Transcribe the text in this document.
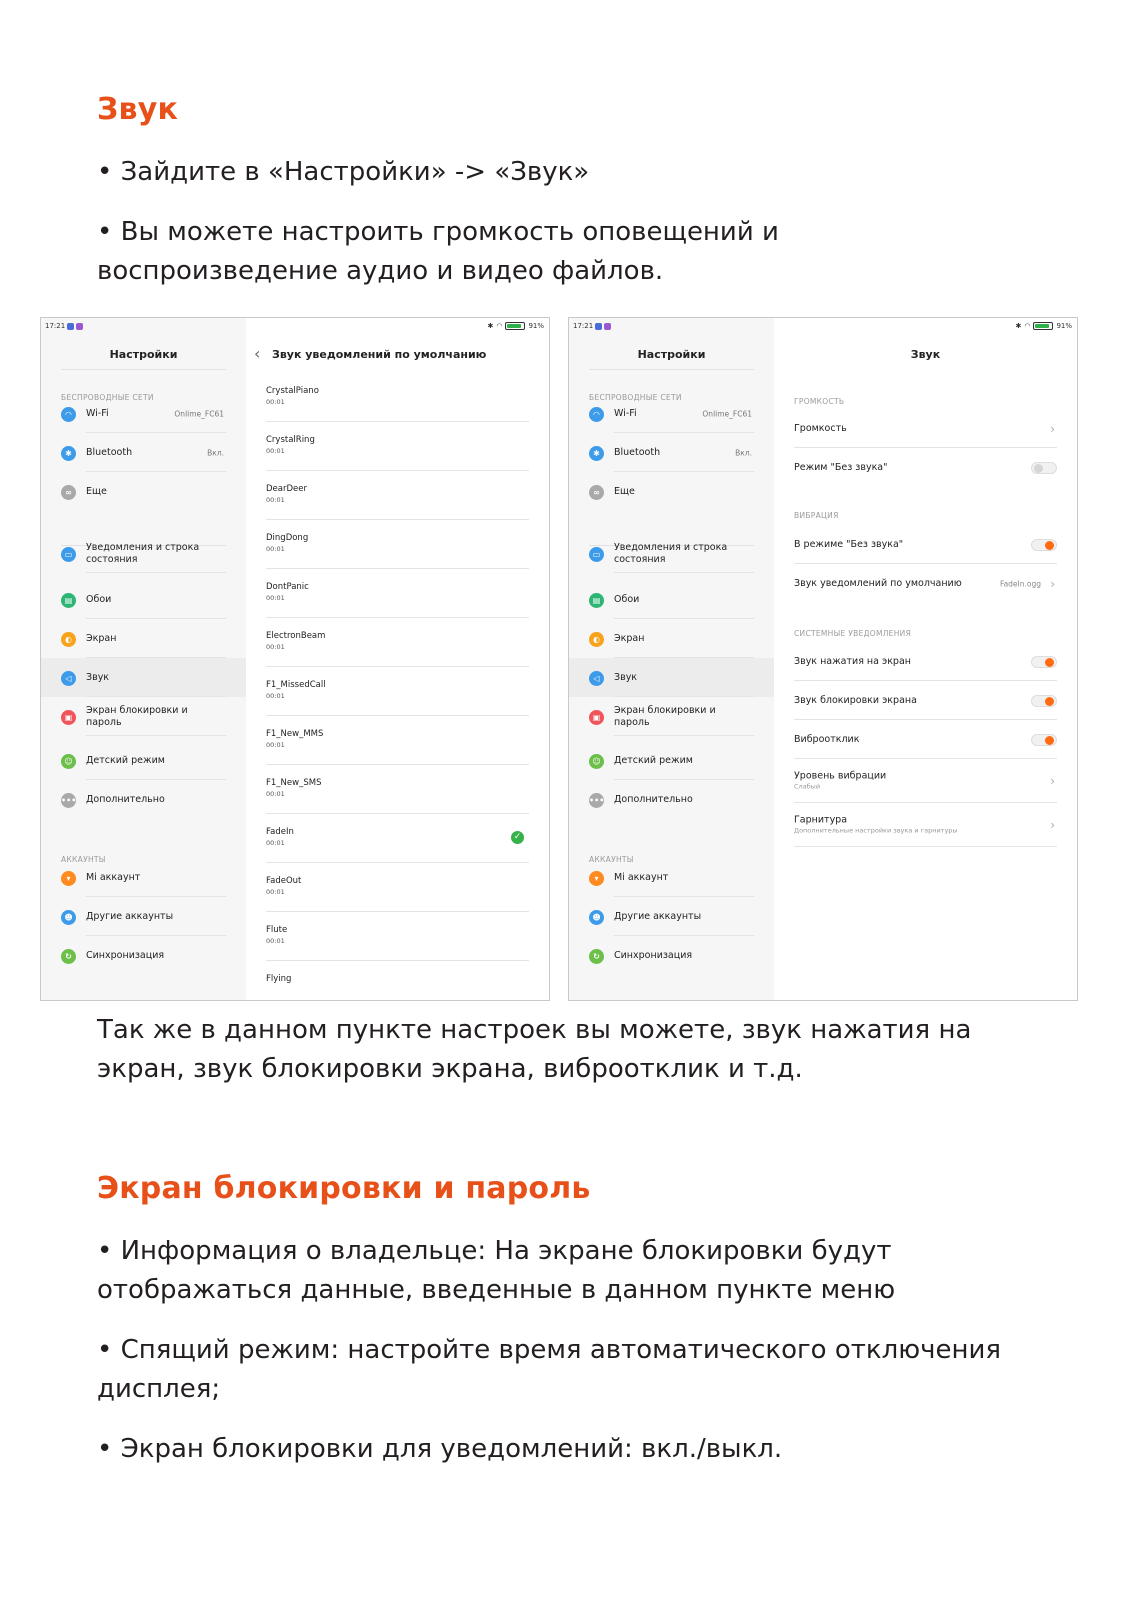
Звук

• Зайдите в «Настройки» -> «Звук»

• Вы можете настроить громкость оповещений и воспроизведение аудио и видео файлов.

17:21
Настройки
БЕСПРОВОДНЫЕ СЕТИ
АККАУНТЫ
◠	Wi-Fi	Onlime_FC61
✱	Bluetooth	Вкл.
∞	Еще
▭
Уведомления и строка состояния
▤	Обои
◐	Экран
◁	Звук
▣
Экран блокировки и пароль
☺	Детский режим
••• Дополнительно
▾	Mi аккаунт
☻	Другие аккаунты
↻	Синхронизация
✱ ◠	91%
‹ Звук уведомлений по умолчанию
CrystalPiano
00:01
CrystalRing
00:01
DearDeer
00:01
DingDong
00:01
DontPanic
00:01
ElectronBeam
00:01
F1_MissedCall
00:01
F1_New_MMS
00:01
F1_New_SMS
00:01
FadeIn
00:01
✓
FadeOut
00:01
Flute
00:01
Flying
17:21
Настройки
БЕСПРОВОДНЫЕ СЕТИ
АККАУНТЫ
◠	Wi-Fi	Onlime_FC61
✱	Bluetooth	Вкл.
∞	Еще
▭
Уведомления и строка состояния
▤	Обои
◐	Экран
◁	Звук
▣
Экран блокировки и пароль
☺	Детский режим
••• Дополнительно
▾	Mi аккаунт
☻	Другие аккаунты
↻	Синхронизация
✱ ◠	91%
Звук
ГРОМКОСТЬ
Громкость	›
Режим "Без звука"
ВИБРАЦИЯ
В режиме "Без звука"
Звук уведомлений по умолчанию	FadeIn.ogg ›
СИСТЕМНЫЕ УВЕДОМЛЕНИЯ
Звук нажатия на экран
Звук блокировки экрана
Виброотклик
Уровень вибрации
Слабый	›
Гарнитура
Дополнительные настройки звука и гарнитуры	›

Так же в данном пункте настроек вы можете, звук нажатия на экран, звук блокировки экрана, виброотклик и т.д.

Экран блокировки и пароль

• Информация о владельце: На экране блокировки будут отображаться данные, введенные в данном пункте меню

• Спящий режим: настройте время автоматического отключения дисплея;

• Экран блокировки для уведомлений: вкл./выкл.
